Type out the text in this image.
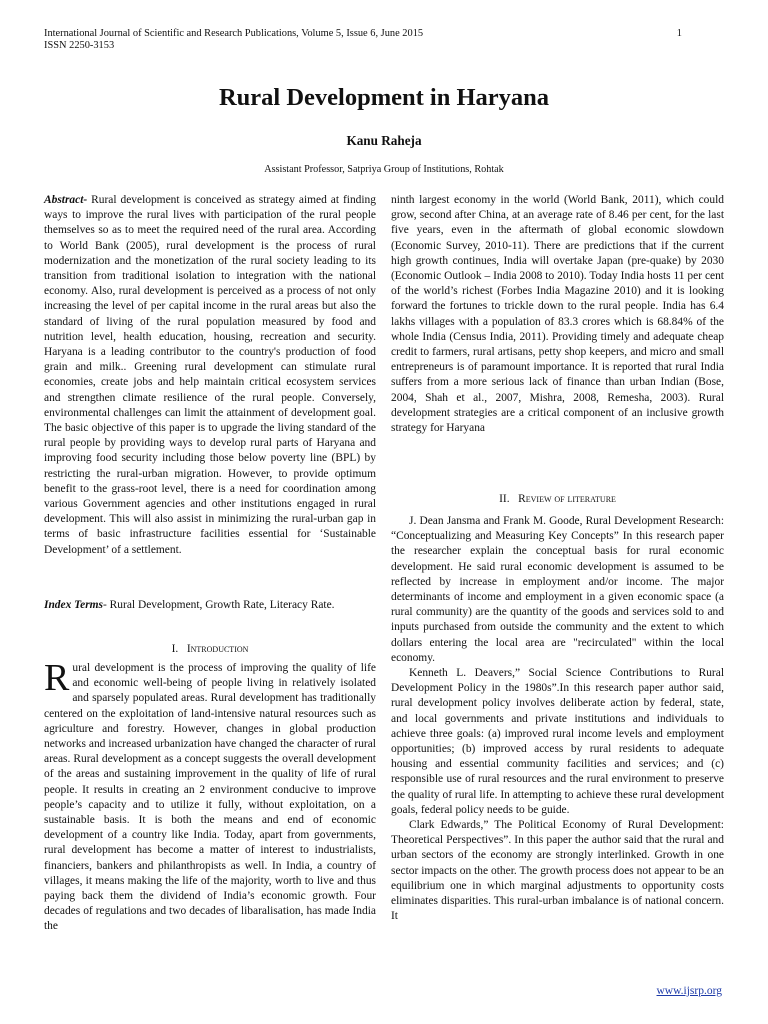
International Journal of Scientific and Research Publications, Volume 5, Issue 6, June 2015
ISSN 2250-3153
1
Rural Development in Haryana
Kanu Raheja
Assistant Professor, Satpriya Group of Institutions, Rohtak

Abstract- Rural development is conceived as strategy aimed at finding ways to improve the rural lives with participation of the rural people themselves so as to meet the required need of the rural area. According to World Bank (2005), rural development is the process of rural modernization and the monetization of the rural society leading to its transition from traditional isolation to integration with the national economy. Also, rural development is perceived as a process of not only increasing the level of per capital income in the rural areas but also the standard of living of the rural population measured by food and nutrition level, health education, housing, recreation and security. Haryana is a leading contributor to the country's production of food grain and milk.. Greening rural development can stimulate rural economies, create jobs and help maintain critical ecosystem services and strengthen climate resilience of the rural people. Conversely, environmental challenges can limit the attainment of development goal. The basic objective of this paper is to upgrade the living standard of the rural people by providing ways to develop rural parts of Haryana and improving food security including those below poverty line (BPL) by restricting the rural-urban migration. However, to provide optimum benefit to the grass-root level, there is a need for coordination among various Government agencies and other institutions engaged in rural development. This will also assist in minimizing the rural-urban gap in terms of basic infrastructure facilities essential for ‘Sustainable Development’ of a settlement.

Index Terms- Rural Development, Growth Rate, Literacy Rate.

I. Introduction

Rural development is the process of improving the quality of life and economic well-being of people living in relatively isolated and sparsely populated areas. Rural development has traditionally centered on the exploitation of land-intensive natural resources such as agriculture and forestry. However, changes in global production networks and increased urbanization have changed the character of rural areas. Rural development as a concept suggests the overall development of the areas and sustaining improvement in the quality of life of rural people. It results in creating an 2 environment conducive to improve people’s capacity and to utilize it fully, without exploitation, on a sustainable basis. It is both the means and end of economic development of a country like India. Today, apart from governments, rural development has become a matter of interest to industrialists, financiers, bankers and philanthropists as well. In India, a country of villages, it means making the life of the majority, worth to live and thus paying back them the dividend of India’s economic growth. Four decades of regulations and two decades of libaralisation, has made India the

ninth largest economy in the world (World Bank, 2011), which could grow, second after China, at an average rate of 8.46 per cent, for the last five years, even in the aftermath of global economic slowdown (Economic Survey, 2010-11). There are predictions that if the current high growth continues, India will overtake Japan (pre-quake) by 2030 (Economic Outlook – India 2008 to 2010). Today India hosts 11 per cent of the world’s richest (Forbes India Magazine 2010) and it is looking forward the fortunes to trickle down to the rural people. India has 6.4 lakhs villages with a population of 83.3 crores which is 68.84% of the whole India (Census India, 2011). Providing timely and adequate cheap credit to farmers, rural artisans, petty shop keepers, and micro and small entrepreneurs is of paramount importance. It is reported that rural India suffers from a more serious lack of finance than urban Indian (Bose, 2004, Shah et al., 2007, Mishra, 2008, Remesha, 2003). Rural development strategies are a critical component of an inclusive growth strategy for Haryana

II. Review of literature

J. Dean Jansma and Frank M. Goode, Rural Development Research: “Conceptualizing and Measuring Key Concepts” In this research paper the researcher explain the conceptual basis for rural economic development. He said rural economic development is assumed to be reflected by increase in employment and/or income. The major determinants of income and employment in a given economic space (a rural community) are the quantity of the goods and services sold to and inputs purchased from outside the community and the extent to which dollars entering the local area are "recirculated" within the local economy.

Kenneth L. Deavers,” Social Science Contributions to Rural Development Policy in the 1980s”.In this research paper author said, rural development policy involves deliberate action by federal, state, and local governments and private institutions and individuals to achieve three goals: (a) improved rural income levels and employment opportunities; (b) improved access by rural residents to adequate housing and essential community facilities and services; and (c) responsible use of rural resources and the rural environment to preserve the quality of rural life. In attempting to achieve these rural development goals, federal policy needs to be guide.

Clark Edwards,” The Political Economy of Rural Development: Theoretical Perspectives”. In this paper the author said that the rural and urban sectors of the economy are strongly interlinked. Growth in one sector impacts on the other. The growth process does not appear to be an equilibrium one in which marginal adjustments to opportunity costs eliminates disparities. This rural-urban imbalance is of national concern. It

www.ijsrp.org
